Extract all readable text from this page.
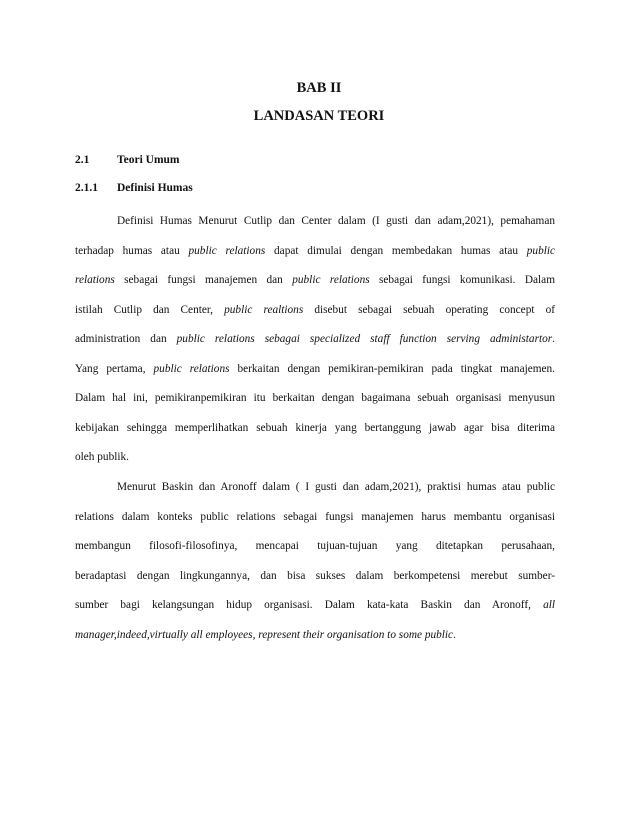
BAB II
LANDASAN TEORI
2.1 Teori Umum
2.1.1 Definisi Humas
Definisi Humas Menurut Cutlip dan Center dalam (I gusti dan adam,2021), pemahaman
terhadap humas atau public relations dapat dimulai dengan membedakan humas atau public
relations sebagai fungsi manajemen dan public relations sebagai fungsi komunikasi. Dalam
istilah Cutlip dan Center, public realtions disebut sebagai sebuah operating concept of
administration dan public relations sebagai specialized staff function serving administartor.
Yang pertama, public relations berkaitan dengan pemikiran-pemikiran pada tingkat manajemen.
Dalam hal ini, pemikiranpemikiran itu berkaitan dengan bagaimana sebuah organisasi menyusun
kebijakan sehingga memperlihatkan sebuah kinerja yang bertanggung jawab agar bisa diterima
oleh publik.
Menurut Baskin dan Aronoff dalam ( I gusti dan adam,2021), praktisi humas atau public
relations dalam konteks public relations sebagai fungsi manajemen harus membantu organisasi
membangun filosofi-filosofinya, mencapai tujuan-tujuan yang ditetapkan perusahaan,
beradaptasi dengan lingkungannya, dan bisa sukses dalam berkompetensi merebut sumber-
sumber bagi kelangsungan hidup organisasi. Dalam kata-kata Baskin dan Aronoff, all
manager,indeed,virtually all employees, represent their organisation to some public.
